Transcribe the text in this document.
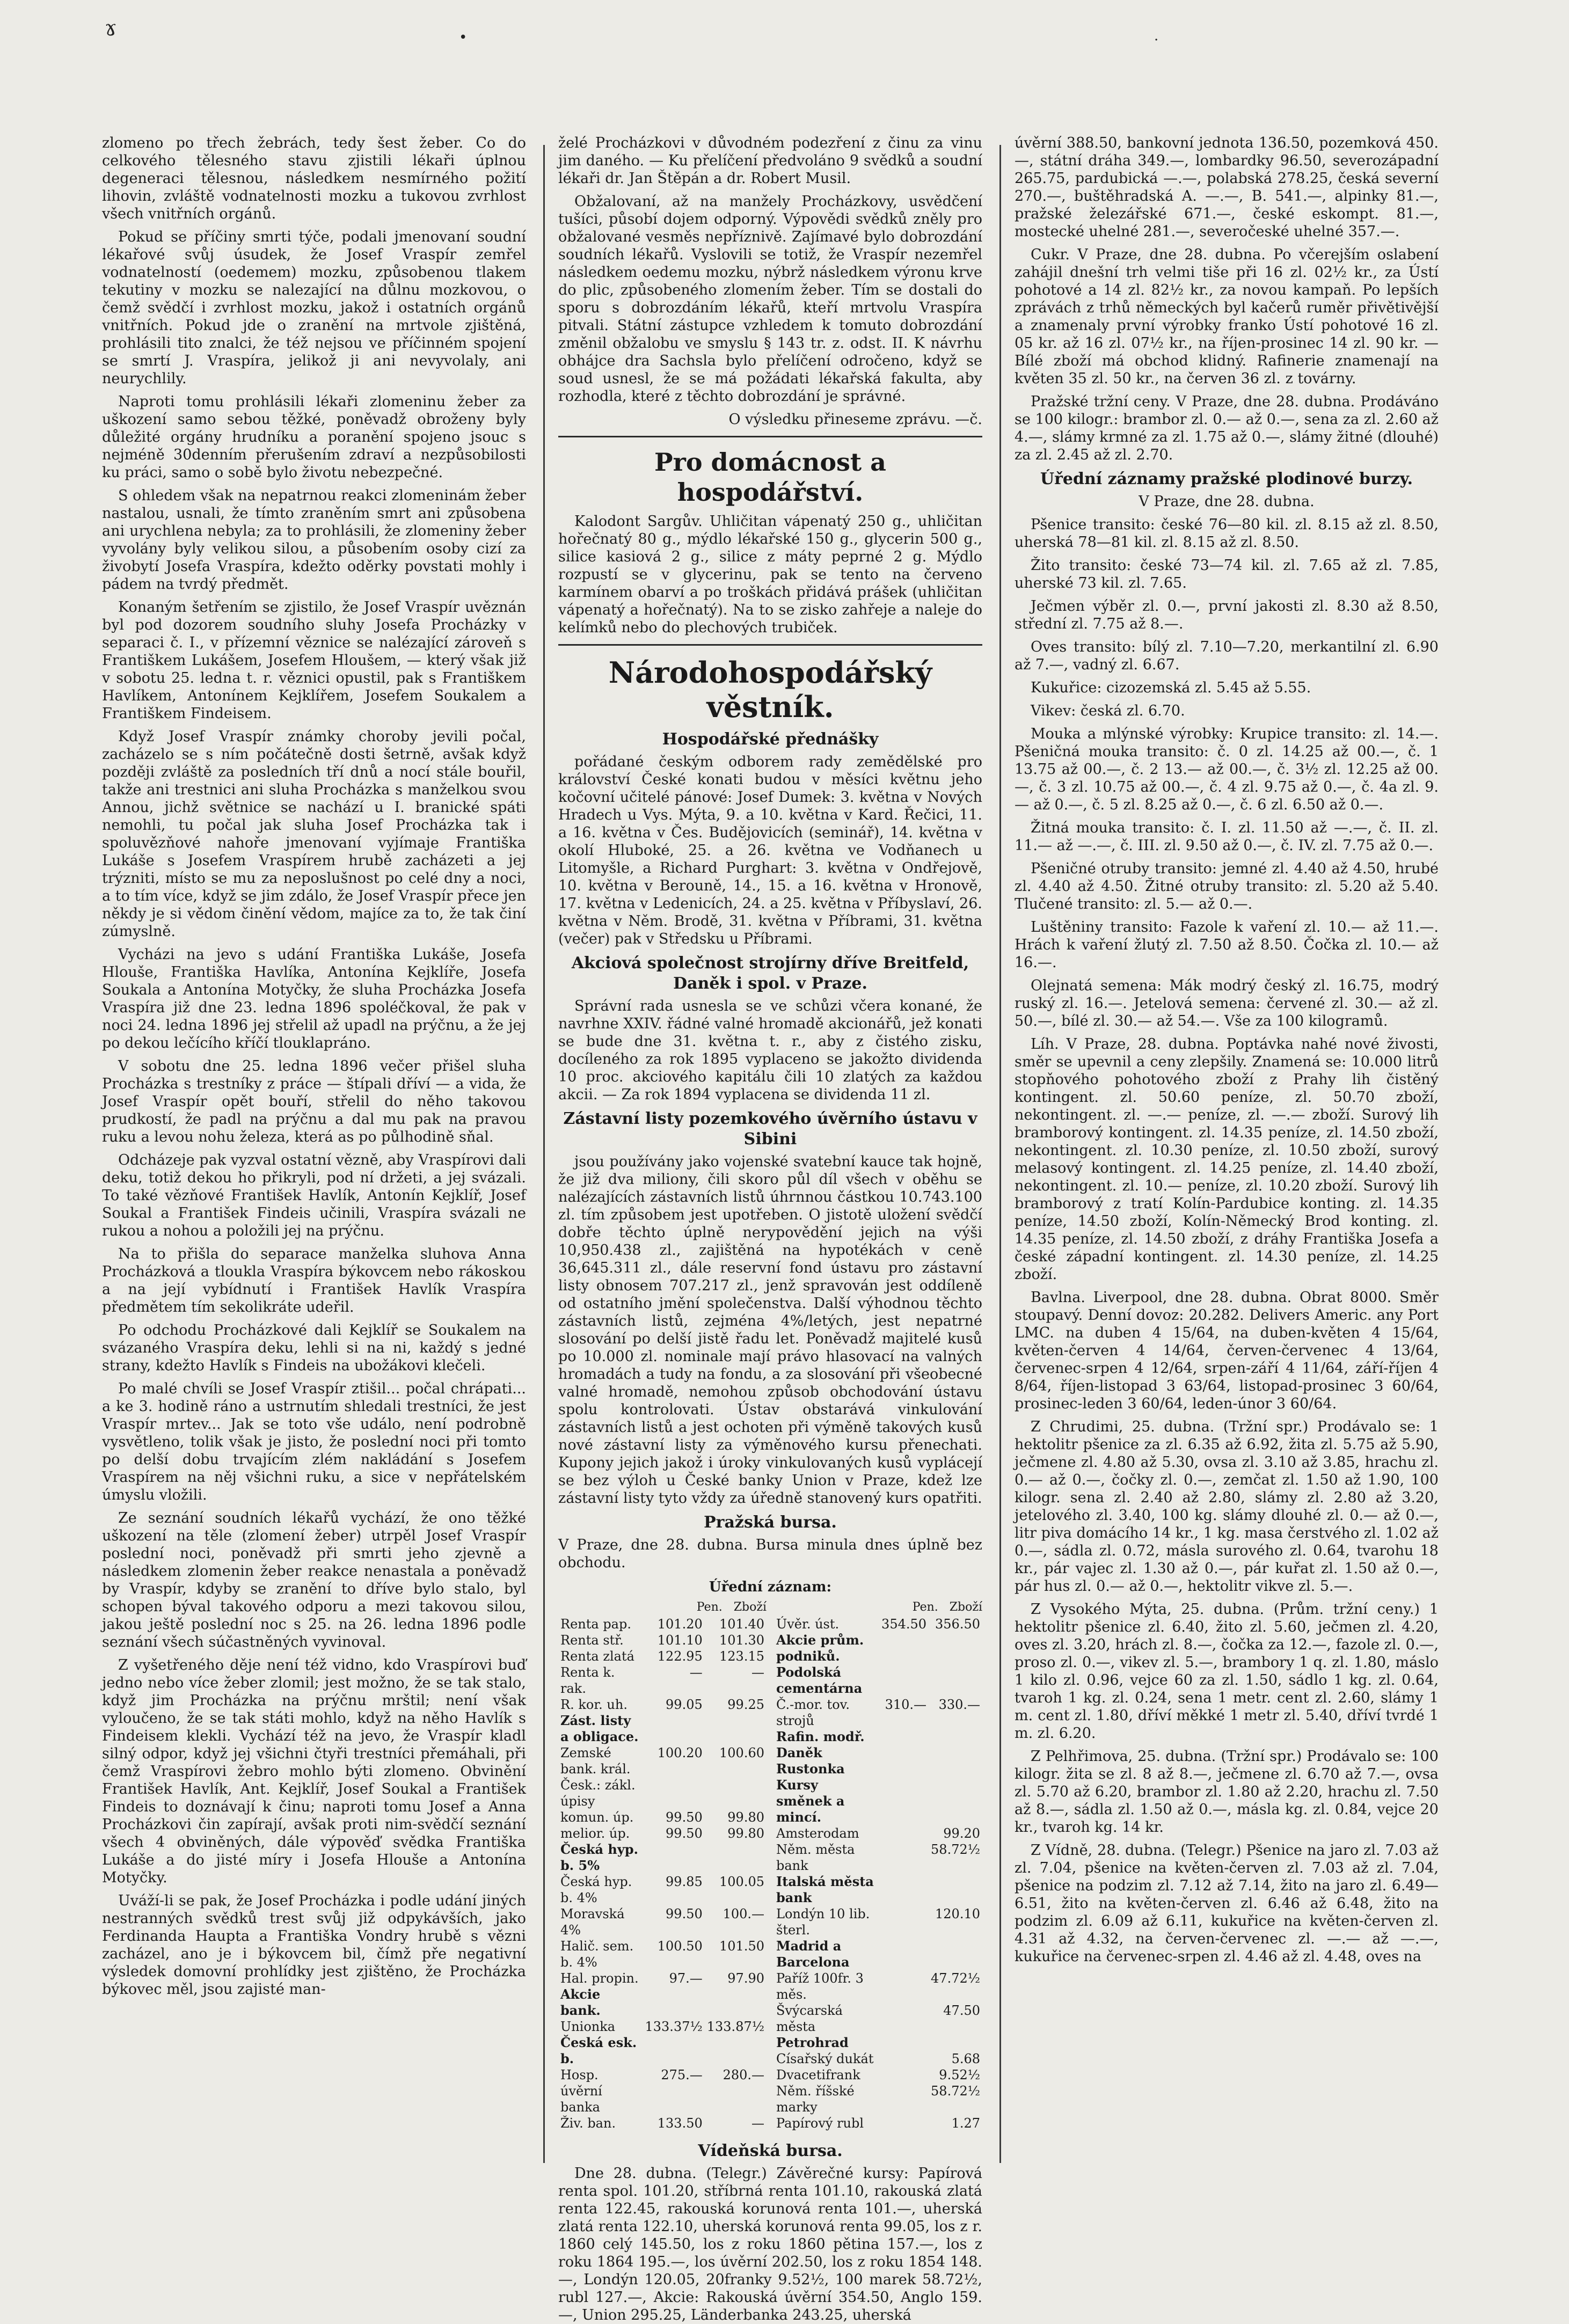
ɤ	•	·

zlomeno po třech žebrách, tedy šest žeber. Co do celkového tělesného stavu zjistili lékaři úplnou degeneraci tělesnou, následkem nesmírného požití lihovin, zvláště vodnatelnosti mozku a tukovou zvrhlost všech vnitřních orgánů.

Pokud se příčiny smrti týče, podali jmenovaní soudní lékařové svůj úsudek, že Josef Vraspír zemřel vodnatelností (oedemem) mozku, způsobenou tlakem tekutiny v mozku se nalezající na důlnu mozkovou, o čemž svědčí i zvrhlost mozku, jakož i ostatních orgánů vnitřních. Pokud jde o zranění na mrtvole zjištěná, prohlásili tito znalci, že též nejsou ve příčinném spojení se smrtí J. Vraspíra, jelikož ji ani nevyvolaly, ani neurychlily.

Naproti tomu prohlásili lékaři zlomeninu žeber za uškození samo sebou těžké, poněvadž obroženy byly důležité orgány hrudníku a poranění spojeno jsouc s nejméně 30denním přerušením zdraví a nezpůsobilosti ku práci, samo o sobě bylo životu nebezpečné.

S ohledem však na nepatrnou reakci zlomeninám žeber nastalou, usnali, že tímto zraněním smrt ani způsobena ani urychlena nebyla; za to prohlásili, že zlomeniny žeber vyvolány byly velikou silou, a působením osoby cizí za živobytí Josefa Vraspíra, kdežto oděrky povstati mohly i pádem na tvrdý předmět.

Konaným šetřením se zjistilo, že Josef Vraspír uvěznán byl pod dozorem soudního sluhy Josefa Procházky v separaci č. I., v přízemní věznice se nalézající zároveň s Františkem Lukášem, Josefem Hloušem, — který však již v sobotu 25. ledna t. r. věznici opustil, pak s Františkem Havlíkem, Antonínem Kejklířem, Josefem Soukalem a Františkem Findeisem.

Když Josef Vraspír známky choroby jevili počal, zacházelo se s ním počátečně dosti šetrně, avšak když později zvláště za posledních tří dnů a nocí stále bouřil, takže ani trestnici ani sluha Procházka s manželkou svou Annou, jichž světnice se nachází u I. branické spáti nemohli, tu počal jak sluha Josef Procházka tak i spoluvězňové nahoře jmenovaní vyjímaje Františka Lukáše s Josefem Vraspírem hrubě zacházeti a jej trýzniti, místo se mu za neposlušnost po celé dny a noci, a to tím více, když se jim zdálo, že Josef Vraspír přece jen někdy je si vědom činění vědom, majíce za to, že tak činí zúmyslně.

Vycházi na jevo s udání Františka Lukáše, Josefa Hlouše, Františka Havlíka, Antonína Kejklíře, Josefa Soukala a Antonína Motyčky, že sluha Procházka Josefa Vraspíra již dne 23. ledna 1896 spoléčkoval, že pak v noci 24. ledna 1896 jej střelil až upadl na prýčnu, a že jej po dekou lečícího kříčí tlouklapráno.

V sobotu dne 25. ledna 1896 večer přišel sluha Procházka s trestníky z práce — štípali dříví — a vida, že Josef Vraspír opět bouří, střelil do něho takovou prudkostí, že padl na prýčnu a dal mu pak na pravou ruku a levou nohu železa, která as po půlhodině sňal.

Odcházeje pak vyzval ostatní vězně, aby Vraspírovi dali deku, totiž dekou ho přikryli, pod ní držeti, a jej svázali. To také vězňové František Havlík, Antonín Kejklíř, Josef Soukal a František Findeis učinili, Vraspíra svázali ne rukou a nohou a položili jej na prýčnu.

Na to přišla do separace manželka sluhova Anna Procházková a tloukla Vraspíra býkovcem nebo rákoskou a na její vybídnutí i František Havlík Vraspíra předmětem tím sekolikráte udeřil.

Po odchodu Procházkové dali Kejklíř se Soukalem na svázaného Vraspíra deku, lehli si na ni, každý s jedné strany, kdežto Havlík s Findeis na ubožákovi klečeli.

Po malé chvíli se Josef Vraspír ztišil... počal chrápati... a ke 3. hodině ráno a ustrnutím shledali trestníci, že jest Vraspír mrtev... Jak se toto vše událo, není podrobně vysvětleno, tolik však je jisto, že poslední noci při tomto po delší dobu trvajícím zlém nakládání s Josefem Vraspírem na něj všichni ruku, a sice v nepřátelském úmyslu vložili.

Ze seznání soudních lékařů vychází, že ono těžké uškození na těle (zlomení žeber) utrpěl Josef Vraspír poslední noci, poněvadž při smrti jeho zjevně a následkem zlomenin žeber reakce nenastala a poněvadž by Vraspír, kdyby se zranění to dříve bylo stalo, byl schopen býval takového odporu a mezi takovou silou, jakou ještě poslední noc s 25. na 26. ledna 1896 podle seznání všech súčastněných vyvinoval.

Z vyšetřeného děje není též vidno, kdo Vraspírovi buď jedno nebo více žeber zlomil; jest možno, že se tak stalo, když jim Procházka na prýčnu mrštil; není však vyloučeno, že se tak státi mohlo, když na něho Havlík s Findeisem klekli. Vychází též na jevo, že Vraspír kladl silný odpor, když jej všichni čtyři trestníci přemáhali, při čemž Vraspírovi žebro mohlo býti zlomeno. Obvinění František Havlík, Ant. Kejklíř, Josef Soukal a František Findeis to doznávají k činu; naproti tomu Josef a Anna Procházkovi čin zapírají, avšak proti nim-svědčí seznání všech 4 obviněných, dále výpověď svědka Františka Lukáše a do jisté míry i Josefa Hlouše a Antonína Motyčky.

Uváží-li se pak, že Josef Procházka i podle udání jiných nestranných svědků trest svůj již odpykávších, jako Ferdinanda Haupta a Františka Vondry hrubě s vězni zacházel, ano je i býkovcem bil, čímž pře negativní výsledek domovní prohlídky jest zjištěno, že Procházka býkovec měl, jsou zajisté man-

želé Procházkovi v důvodném podezření z činu za vinu jim daného. — Ku přelíčení předvoláno 9 svědků a soudní lékaři dr. Jan Štěpán a dr. Robert Musil.

Obžalovaní, až na manžely Procházkovy, usvědčení tušíci, působí dojem odporný. Výpovědi svědků zněly pro obžalované vesměs nepříznivě. Zajímavé bylo dobrozdání soudních lékařů. Vyslovili se totiž, že Vraspír nezemřel následkem oedemu mozku, nýbrž následkem výronu krve do plic, způsobeného zlomením žeber. Tím se dostali do sporu s dobrozdáním lékařů, kteří mrtvolu Vraspíra pitvali. Státní zástupce vzhledem k tomuto dobrozdání změnil obžalobu ve smyslu § 143 tr. z. odst. II. K návrhu obhájce dra Sachsla bylo přelíčení odročeno, když se soud usnesl, že se má požádati lékařská fakulta, aby rozhodla, které z těchto dobrozdání je správné.

O výsledku přineseme zprávu. —č.

Pro domácnost a hospodářství.

Kalodont Sargův. Uhličitan vápenatý 250 g., uhličitan hořečnatý 80 g., mýdlo lékařské 150 g., glycerin 500 g., silice kasiová 2 g., silice z máty peprné 2 g. Mýdlo rozpustí se v glycerinu, pak se tento na červeno karmínem obarví a po troškách přidává prášek (uhličitan vápenatý a hořečnatý). Na to se zisko zahřeje a naleje do kelímků nebo do plechových trubiček.

Národohospodářský věstník.
Hospodářské přednášky

pořádané českým odborem rady zemědělské pro království České konati budou v měsíci květnu jeho kočovní učitelé pánové: Josef Dumek: 3. května v Nových Hradech u Vys. Mýta, 9. a 10. května v Kard. Řečici, 11. a 16. května v Čes. Budějovicích (seminář), 14. května v okolí Hluboké, 25. a 26. května ve Vodňanech u Litomyšle, a Richard Purghart: 3. května v Ondřejově, 10. května v Berouně, 14., 15. a 16. května v Hronově, 17. května v Ledenicích, 24. a 25. května v Příbyslaví, 26. května v Něm. Brodě, 31. května v Příbrami, 31. května (večer) pak v Středsku u Příbrami.

Akciová společnost strojírny dříve Breitfeld, Daněk i spol. v Praze.

Správní rada usnesla se ve schůzi včera konané, že navrhne XXIV. řádné valné hromadě akcionářů, jež konati se bude dne 31. května t. r., aby z čistého zisku, docíleného za rok 1895 vyplaceno se jakožto dividenda 10 proc. akciového kapitálu čili 10 zlatých za každou akcii. — Za rok 1894 vyplacena se dividenda 11 zl.

Zástavní listy pozemkového úvěrního ústavu v Sibini

jsou používány jako vojenské svatební kauce tak hojně, že již dva miliony, čili skoro půl díl všech v oběhu se nalézajících zástavních listů úhrnnou částkou 10.743.100 zl. tím způsobem jest upotřeben. O jistotě uložení svědčí dobře těchto úplně nerypovědění jejich na výši 10,950.438 zl., zajištěná na hypotékách v ceně 36,645.311 zl., dále reservní fond ústavu pro zástavní listy obnosem 707.217 zl., jenž spravován jest oddíleně od ostatního jmění společenstva. Další výhodnou těchto zástavních listů, zejména 4%/letých, jest nepatrné slosování po delší jistě řadu let. Poněvadž majitelé kusů po 10.000 zl. nominale mají právo hlasovací na valných hromadách a tudy na fondu, a za slosování při všeobecné valné hromadě, nemohou způsob obchodování ústavu spolu kontrolovati. Ústav obstarává vinkulování zástavních listů a jest ochoten při výměně takových kusů nové zástavní listy za výměnového kursu přenechati. Kupony jejich jakož i úroky vinkulovaných kusů vyplácejí se bez výloh u České banky Union v Praze, kdež lze zástavní listy tyto vždy za úředně stanovený kurs opatřiti.

Pražská bursa.

V Praze, dne 28. dubna. Bursa minula dnes úplně bez obchodu.

Úřední záznam:
Pen. Zboží
Renta pap.	101.20	101.40
Renta stř.	101.10	101.30
Renta zlatá	122.95	123.15
Renta k. rak.	—	—
R. kor. uh.	99.05	99.25
Zást. listy a obligace.		
Zemské bank. král. Česk.: zákl. úpisy	100.20	100.60
komun. úp.	99.50	99.80
melior. úp.	99.50	99.80
Česká hyp. b. 5%		
Česká hyp. b. 4%	99.85	100.05
Moravská 4%	99.50	100.—
Halič. sem. b. 4%	100.50	101.50
Hal. propin.	97.—	97.90
Akcie bank.		
Unionka	133.37½	133.87½
Česká esk. b.		
Hosp. úvěrní banka	275.—	280.—
Živ. ban.	133.50	—
Pen. Zboží
Úvěr. úst.	354.50	356.50
Akcie prům. podniků.		
Podolská cementárna		
Č.-mor. tov. strojů	310.—	330.—
Rafin. modř.		
Daněk		
Rustonka		
Kursy směnek a mincí.		
Amsterodam		99.20
Něm. města bank		58.72½
Italská města bank		
Londýn 10 lib. šterl.		120.10
Madrid a Barcelona		
Paříž 100fr. 3 měs.		47.72½
Švýcarská města		47.50
Petrohrad		
Císařský dukát		5.68
Dvacetifrank		9.52½
Něm. říšské marky		58.72½
Papírový rubl		1.27
Vídeňská bursa.

Dne 28. dubna. (Telegr.) Závěrečné kursy: Papírová renta spol. 101.20, stříbrná renta 101.10, rakouská zlatá renta 122.45, rakouská korunová renta 101.—, uherská zlatá renta 122.10, uherská korunová renta 99.05, los z r. 1860 celý 145.50, los z roku 1860 pětina 157.—, los z roku 1864 195.—, los úvěrní 202.50, los z roku 1854 148.—, Londýn 120.05, 20franky 9.52½, 100 marek 58.72½, rubl 127.—, Akcie: Rakouská úvěrní 354.50, Anglo 159.—, Union 295.25, Länderbanka 243.25, uherská

úvěrní 388.50, bankovní jednota 136.50, pozemková 450.—, státní dráha 349.—, lombardky 96.50, severozápadní 265.75, pardubická —.—, polabská 278.25, česká severní 270.—, buštěhradská A. —.—, B. 541.—, alpinky 81.—, pražské železářské 671.—, české eskompt. 81.—, mostecké uhelné 281.—, severočeské uhelné 357.—.

Cukr. V Praze, dne 28. dubna. Po včerejším oslabení zahájil dnešní trh velmi tiše při 16 zl. 02½ kr., za Ústí pohotové a 14 zl. 82½ kr., za novou kampaň. Po lepších zprávách z trhů německých byl kačerů ruměr přivětivější a znamenaly první výrobky franko Ústí pohotové 16 zl. 05 kr. až 16 zl. 07½ kr., na říjen-prosinec 14 zl. 90 kr. — Bílé zboží má obchod klidný. Rafinerie znamenají na květen 35 zl. 50 kr., na červen 36 zl. z továrny.

Pražské tržní ceny. V Praze, dne 28. dubna. Prodáváno se 100 kilogr.: brambor zl. 0.— až 0.—, sena za zl. 2.60 až 4.—, slámy krmné za zl. 1.75 až 0.—, slámy žitné (dlouhé) za zl. 2.45 až zl. 2.70.

Úřední záznamy pražské plodinové burzy.

V Praze, dne 28. dubna.

Pšenice transito: české 76—80 kil. zl. 8.15 až zl. 8.50, uherská 78—81 kil. zl. 8.15 až zl. 8.50.

Žito transito: české 73—74 kil. zl. 7.65 až zl. 7.85, uherské 73 kil. zl. 7.65.

Ječmen výběr zl. 0.—, první jakosti zl. 8.30 až 8.50, střední zl. 7.75 až 8.—.

Oves transito: bílý zl. 7.10—7.20, merkantilní zl. 6.90 až 7.—, vadný zl. 6.67.

Kukuřice: cizozemská zl. 5.45 až 5.55.

Vikev: česká zl. 6.70.

Mouka a mlýnské výrobky: Krupice transito: zl. 14.—. Pšeničná mouka transito: č. 0 zl. 14.25 až 00.—, č. 1 13.75 až 00.—, č. 2 13.— až 00.—, č. 3½ zl. 12.25 až 00.—, č. 3 zl. 10.75 až 00.—, č. 4 zl. 9.75 až 0.—, č. 4a zl. 9.— až 0.—, č. 5 zl. 8.25 až 0.—, č. 6 zl. 6.50 až 0.—.

Žitná mouka transito: č. I. zl. 11.50 až —.—, č. II. zl. 11.— až —.—, č. III. zl. 9.50 až 0.—, č. IV. zl. 7.75 až 0.—.

Pšeničné otruby transito: jemné zl. 4.40 až 4.50, hrubé zl. 4.40 až 4.50. Žitné otruby transito: zl. 5.20 až 5.40. Tlučené transito: zl. 5.— až 0.—.

Luštěniny transito: Fazole k vaření zl. 10.— až 11.—. Hrách k vaření žlutý zl. 7.50 až 8.50. Čočka zl. 10.— až 16.—.

Olejnatá semena: Mák modrý český zl. 16.75, modrý ruský zl. 16.—. Jetelová semena: červené zl. 30.— až zl. 50.—, bílé zl. 30.— až 54.—. Vše za 100 kilogramů.

Líh. V Praze, 28. dubna. Poptávka nahé nové živosti, směr se upevnil a ceny zlepšily. Znamená se: 10.000 litrů stopňového pohotového zboží z Prahy lih čistěný kontingent. zl. 50.60 peníze, zl. 50.70 zboží, nekontingent. zl. —.— peníze, zl. —.— zboží. Surový lih bramborový kontingent. zl. 14.35 peníze, zl. 14.50 zboží, nekontingent. zl. 10.30 peníze, zl. 10.50 zboží, surový melasový kontingent. zl. 14.25 peníze, zl. 14.40 zboží, nekontingent. zl. 10.— peníze, zl. 10.20 zboží. Surový lih bramborový z tratí Kolín-Pardubice konting. zl. 14.35 peníze, 14.50 zboží, Kolín-Německý Brod konting. zl. 14.35 peníze, zl. 14.50 zboží, z dráhy Františka Josefa a české západní kontingent. zl. 14.30 peníze, zl. 14.25 zboží.

Bavlna. Liverpool, dne 28. dubna. Obrat 8000. Směr stoupavý. Denní dovoz: 20.282. Delivers Americ. any Port LMC. na duben 4 15/64, na duben-květen 4 15/64, květen-červen 4 14/64, červen-červenec 4 13/64, červenec-srpen 4 12/64, srpen-září 4 11/64, září-říjen 4 8/64, říjen-listopad 3 63/64, listopad-prosinec 3 60/64, prosinec-leden 3 60/64, leden-únor 3 60/64.

Z Chrudimi, 25. dubna. (Tržní spr.) Prodávalo se: 1 hektolitr pšenice za zl. 6.35 až 6.92, žita zl. 5.75 až 5.90, ječmene zl. 4.80 až 5.30, ovsa zl. 3.10 až 3.85, hrachu zl. 0.— až 0.—, čočky zl. 0.—, zemčat zl. 1.50 až 1.90, 100 kilogr. sena zl. 2.40 až 2.80, slámy zl. 2.80 až 3.20, jetelového zl. 3.40, 100 kg. slámy dlouhé zl. 0.— až 0.—, litr piva domácího 14 kr., 1 kg. masa čerstvého zl. 1.02 až 0.—, sádla zl. 0.72, másla surového zl. 0.64, tvarohu 18 kr., pár vajec zl. 1.30 až 0.—, pár kuřat zl. 1.50 až 0.—, pár hus zl. 0.— až 0.—, hektolitr vikve zl. 5.—.

Z Vysokého Mýta, 25. dubna. (Prům. tržní ceny.) 1 hektolitr pšenice zl. 6.40, žito zl. 5.60, ječmen zl. 4.20, oves zl. 3.20, hrách zl. 8.—, čočka za 12.—, fazole zl. 0.—, proso zl. 0.—, vikev zl. 5.—, brambory 1 q. zl. 1.80, máslo 1 kilo zl. 0.96, vejce 60 za zl. 1.50, sádlo 1 kg. zl. 0.64, tvaroh 1 kg. zl. 0.24, sena 1 metr. cent zl. 2.60, slámy 1 m. cent zl. 1.80, dříví měkké 1 metr zl. 5.40, dříví tvrdé 1 m. zl. 6.20.

Z Pelhřimova, 25. dubna. (Tržní spr.) Prodávalo se: 100 kilogr. žita se zl. 8 až 8.—, ječmene zl. 6.70 až 7.—, ovsa zl. 5.70 až 6.20, brambor zl. 1.80 až 2.20, hrachu zl. 7.50 až 8.—, sádla zl. 1.50 až 0.—, másla kg. zl. 0.84, vejce 20 kr., tvaroh kg. 14 kr.

Z Vídně, 28. dubna. (Telegr.) Pšenice na jaro zl. 7.03 až zl. 7.04, pšenice na květen-červen zl. 7.03 až zl. 7.04, pšenice na podzim zl. 7.12 až 7.14, žito na jaro zl. 6.49—6.51, žito na květen-červen zl. 6.46 až 6.48, žito na podzim zl. 6.09 až 6.11, kukuřice na květen-červen zl. 4.31 až 4.32, na červen-červenec zl. —.— až —.—, kukuřice na červenec-srpen zl. 4.46 až zl. 4.48, oves na
